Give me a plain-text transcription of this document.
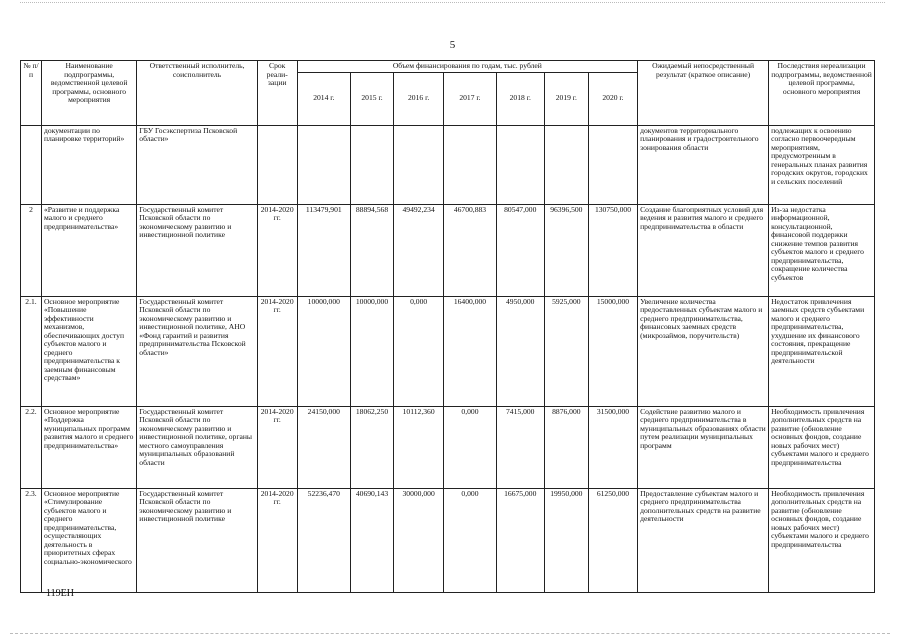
5
№ п/п	Наименование подпрограммы, ведомственной целевой программы, основного мероприятия	Ответственный исполнитель, соисполнитель	Срок реали-зации	Объем финансирования по годам, тыс. рублей							Ожидаемый непосредственный результат (краткое описание)	Последствия нереализации подпрограммы, ведомственной целевой программы, основного мероприятия
				2014 г.	2015 г.	2016 г.	2017 г.	2018 г.	2019 г.	2020 г.		
	документации по планировке территорий»	ГБУ Госэкспертиза Псковской области»									документов территориального планирования и градостроительного зонирования области	подлежащих к освоению согласно первоочередным мероприятиям, предусмотренным в генеральных планах развития городских округов, городских и сельских поселений
2	«Развитие и поддержка малого и среднего предпринимательства»	Государственный комитет Псковской области по экономическому развитию и инвестиционной политике	2014-2020 гг.	113479,901	88894,568	49492,234	46700,883	80547,000	96396,500	130750,000	Создание благоприятных условий для ведения и развития малого и среднего предпринимательства в области	Из-за недостатка информационной, консультационной, финансовой поддержки снижение темпов развития субъектов малого и среднего предпринимательства, сокращение количества субъектов
2.1.	Основное мероприятие «Повышение эффективности механизмов, обеспечивающих доступ субъектов малого и среднего предпринимательства к заемным финансовым средствам»	Государственный комитет Псковской области по экономическому развитию и инвестиционной политике, АНО «Фонд гарантий и развития предпринимательства Псковской области»	2014-2020 гг.	10000,000	10000,000	0,000	16400,000	4950,000	5925,000	15000,000	Увеличение количества предоставленных субъектам малого и среднего предпринимательства, финансовых заемных средств (микрозаймов, поручительств)	Недостаток привлечения заемных средств субъектами малого и среднего предпринимательства, ухудшение их финансового состояния, прекращение предпринимательской деятельности
2.2.	Основное мероприятие «Поддержка муниципальных программ развития малого и среднего предпринимательства»	Государственный комитет Псковской области по экономическому развитию и инвестиционной политике, органы местного самоуправления муниципальных образований области	2014-2020 гг.	24150,000	18062,250	10112,360	0,000	7415,000	8876,000	31500,000	Содействие развитию малого и среднего предпринимательства в муниципальных образованиях области путем реализации муниципальных программ	Необходимость привлечения дополнительных средств на развитие (обновление основных фондов, создание новых рабочих мест) субъектами малого и среднего предпринимательства
2.3.	Основное мероприятие «Стимулирование субъектов малого и среднего предпринимательства, осуществляющих деятельность в приоритетных сферах социально-экономического	Государственный комитет Псковской области по экономическому развитию и инвестиционной политике	2014-2020 гг.	52236,470	40690,143	30000,000	0,000	16675,000	19950,000	61250,000	Предоставление субъектам малого и среднего предпринимательства дополнительных средств на развитие деятельности	Необходимость привлечения дополнительных средств на развитие (обновление основных фондов, создание новых рабочих мест) субъектами малого и среднего предпринимательства
119EH
